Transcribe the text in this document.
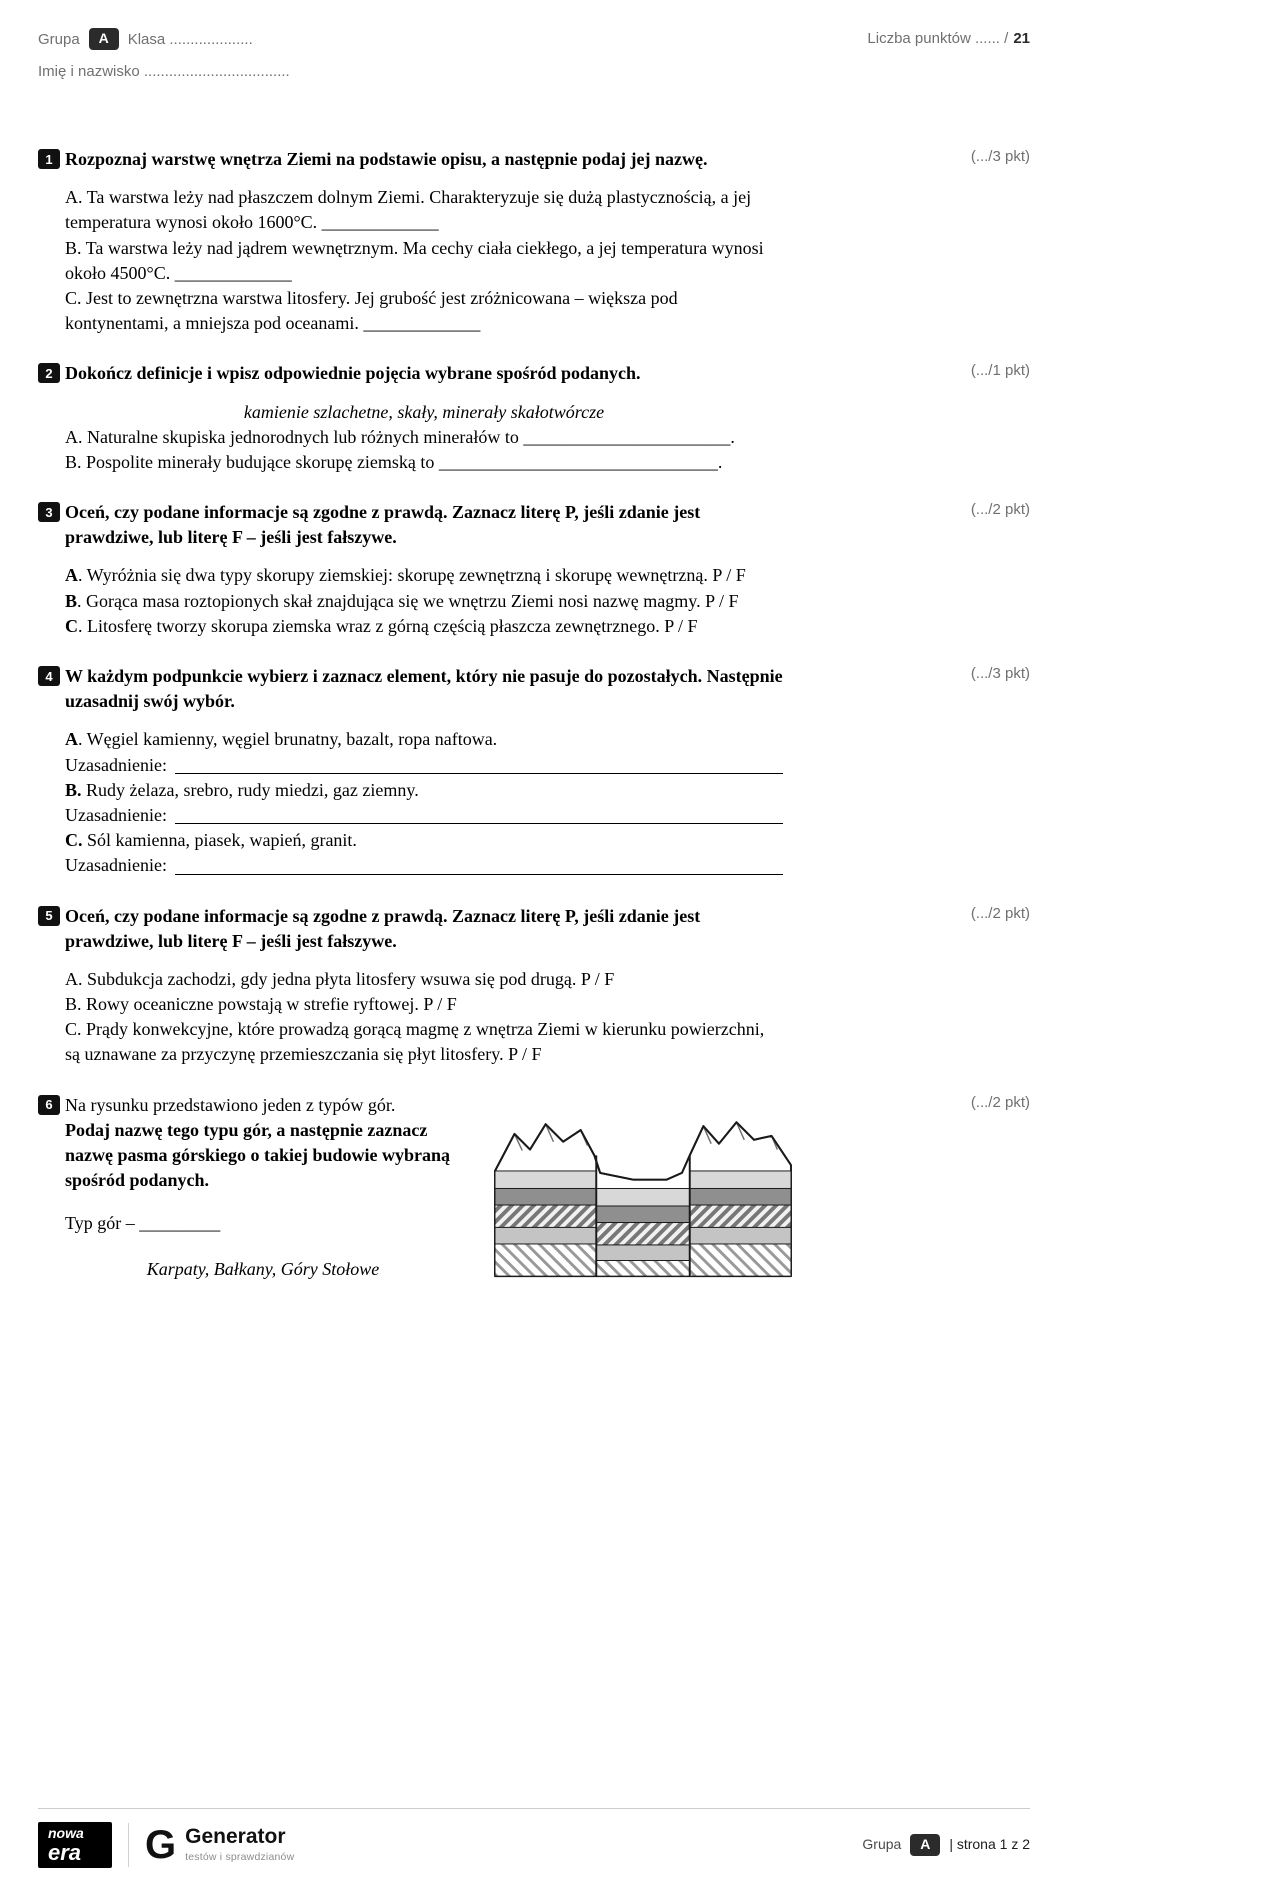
Grupa	A	Klasa ....................
Imię i nazwisko ...................................
Liczba punktów ...... / 21
1	(.../3 pkt)
Rozpoznaj warstwę wnętrza Ziemi na podstawie opisu, a następnie podaj jej nazwę.

A. Ta warstwa leży nad płaszczem dolnym Ziemi. Charakteryzuje się dużą plastycznością, a jej temperatura wynosi około 1600°C. _____________

B. Ta warstwa leży nad jądrem wewnętrznym. Ma cechy ciała ciekłego, a jej temperatura wynosi około 4500°C. _____________

C. Jest to zewnętrzna warstwa litosfery. Jej grubość jest zróżnicowana – większa pod kontynentami, a mniejsza pod oceanami. _____________

2	(.../1 pkt)
Dokończ definicje i wpisz odpowiednie pojęcia wybrane spośród podanych.

kamienie szlachetne, skały, minerały skałotwórcze

A. Naturalne skupiska jednorodnych lub różnych minerałów to _______________________.

B. Pospolite minerały budujące skorupę ziemską to _______________________________.

3	(.../2 pkt)
Oceń, czy podane informacje są zgodne z prawdą. Zaznacz literę P, jeśli zdanie jest prawdziwe, lub literę F – jeśli jest fałszywe.

A. Wyróżnia się dwa typy skorupy ziemskiej: skorupę zewnętrzną i skorupę wewnętrzną. P / F

B. Gorąca masa roztopionych skał znajdująca się we wnętrzu Ziemi nosi nazwę magmy. P / F

C. Litosferę tworzy skorupa ziemska wraz z górną częścią płaszcza zewnętrznego. P / F

4	(.../3 pkt)
W każdym podpunkcie wybierz i zaznacz element, który nie pasuje do pozostałych. Następnie uzasadnij swój wybór.

A. Węgiel kamienny, węgiel brunatny, bazalt, ropa naftowa.

Uzasadnienie:

B. Rudy żelaza, srebro, rudy miedzi, gaz ziemny.

Uzasadnienie:

C. Sól kamienna, piasek, wapień, granit.

Uzasadnienie:

5	(.../2 pkt)
Oceń, czy podane informacje są zgodne z prawdą. Zaznacz literę P, jeśli zdanie jest prawdziwe, lub literę F – jeśli jest fałszywe.

A. Subdukcja zachodzi, gdy jedna płyta litosfery wsuwa się pod drugą. P / F

B. Rowy oceaniczne powstają w strefie ryftowej. P / F

C. Prądy konwekcyjne, które prowadzą gorącą magmę z wnętrza Ziemi w kierunku powierzchni, są uznawane za przyczynę przemieszczania się płyt litosfery. P / F

6	(.../2 pkt)

Na rysunku przedstawiono jeden z typów gór.

Podaj nazwę tego typu gór, a następnie zaznacz nazwę pasma górskiego o takiej budowie wybraną spośród podanych.

Typ gór – _________

Karpaty, Bałkany, Góry Stołowe

nowa
era	G Generator
testów i sprawdzianów
Grupa	A	| strona 1 z 2
